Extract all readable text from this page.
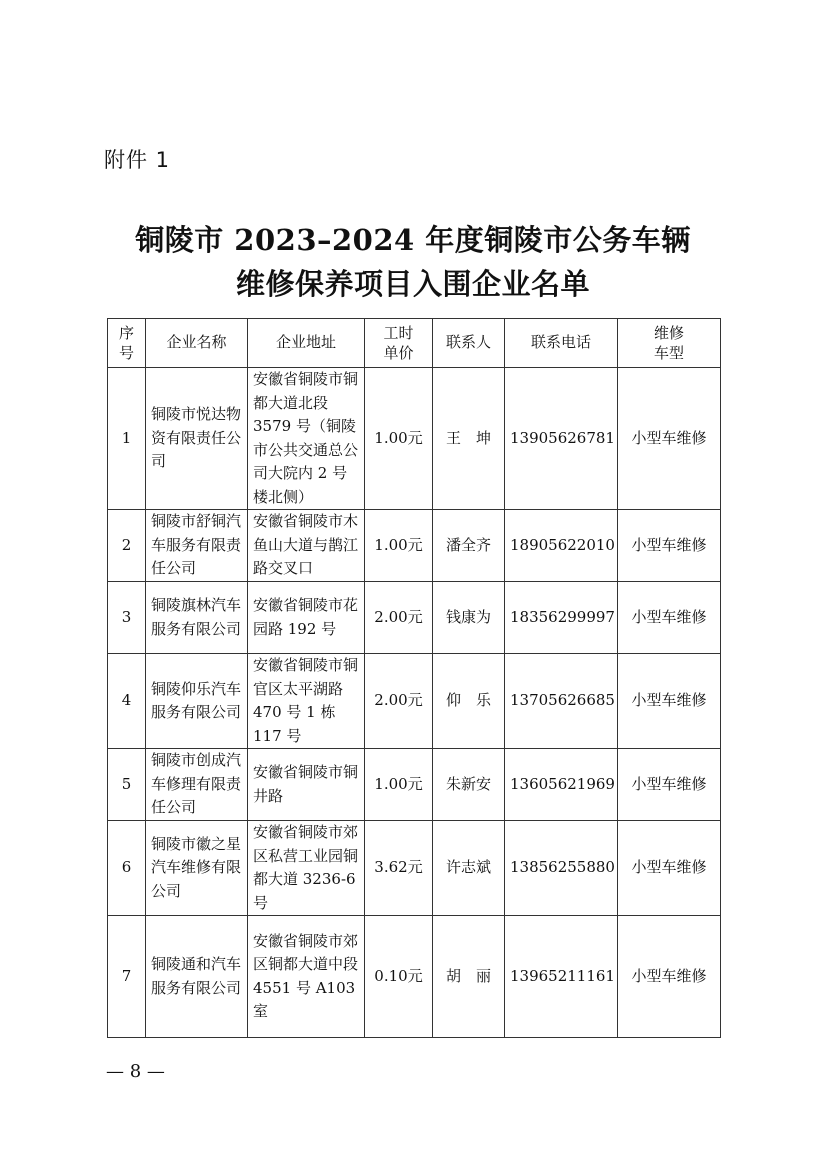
附件 1
铜陵市 2023–2024 年度铜陵市公务车辆
维修保养项目入围企业名单
序号	企业名称	企业地址	工时单价	联系人	联系电话	维修车型
1	铜陵市悦达物资有限责任公司	安徽省铜陵市铜都大道北段 3579 号（铜陵市公共交通总公司大院内 2 号楼北侧）	1.00元	王　坤	13905626781	小型车维修
2	铜陵市舒铜汽车服务有限责任公司	安徽省铜陵市木鱼山大道与鹊江路交叉口	1.00元	潘全齐	18905622010	小型车维修
3	铜陵旗林汽车服务有限公司	安徽省铜陵市花园路 192 号	2.00元	钱康为	18356299997	小型车维修
4	铜陵仰乐汽车服务有限公司	安徽省铜陵市铜官区太平湖路 470 号 1 栋 117 号	2.00元	仰　乐	13705626685	小型车维修
5	铜陵市创成汽车修理有限责任公司	安徽省铜陵市铜井路	1.00元	朱新安	13605621969	小型车维修
6	铜陵市徽之星汽车维修有限公司	安徽省铜陵市郊区私营工业园铜都大道 3236-6 号	3.62元	许志斌	13856255880	小型车维修
7	铜陵通和汽车服务有限公司	安徽省铜陵市郊区铜都大道中段 4551 号 A103 室	0.10元	胡　丽	13965211161	小型车维修
— 8 —
